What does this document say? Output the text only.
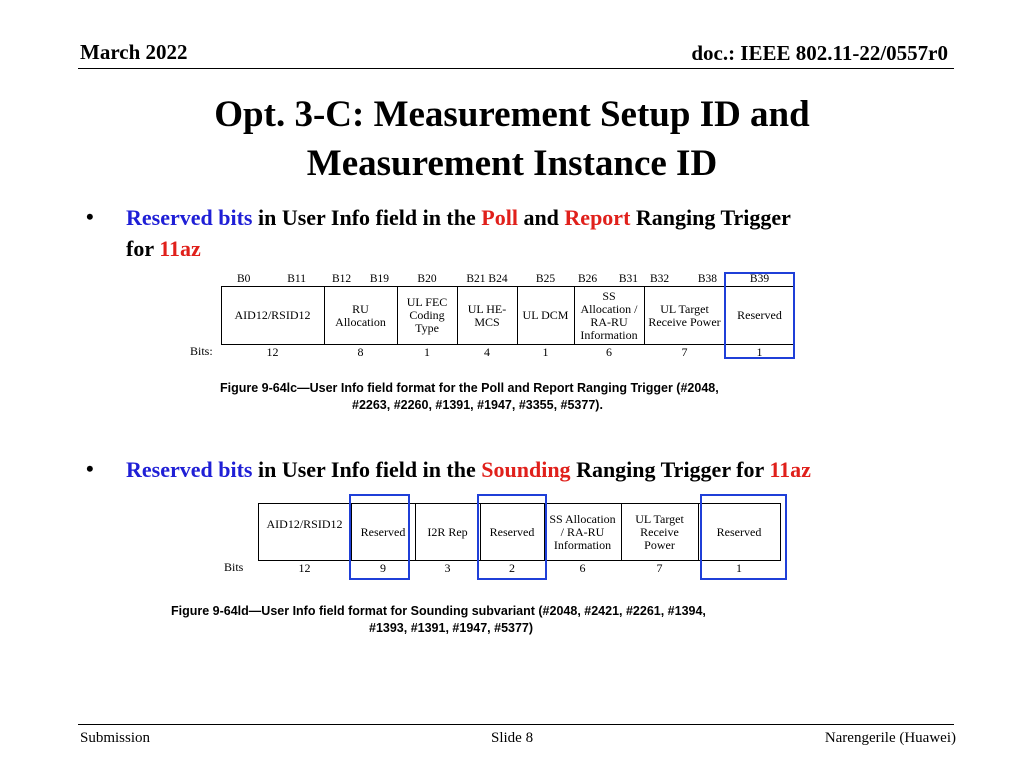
March 2022	doc.: IEEE 802.11-22/0557r0
Opt. 3-C: Measurement Setup ID and
Measurement Instance ID
• Reserved bits in User Info field in the Poll and Report Ranging Trigger
for 11az

	B0 B11	B12 B19	B20	B21 B24	B25	B26 B31	B32 B38	B39
	AID12/RSID12	RU Allocation	UL FEC Coding Type	UL HE-MCS	UL DCM	SS Allocation / RA-RU Information	UL Target Receive Power	Reserved
Bits:	12	8	1	4	1	6	7	1
Figure 9-64lc—User Info field format for the Poll and Report Ranging Trigger (#2048,
#2263, #2260, #1391, #1947, #3355, #5377).
• Reserved bits in User Info field in the Sounding Ranging Trigger for 11az
	AID12/RSID12	Reserved	I2R Rep	Reserved	SS Allocation / RA-RU Information	UL Target Receive Power	Reserved
Bits	12	9	3	2	6	7	1
Figure 9-64ld—User Info field format for Sounding subvariant (#2048, #2421, #2261, #1394,
#1393, #1391, #1947, #5377)
Submission	Slide 8	Narengerile (Huawei)
